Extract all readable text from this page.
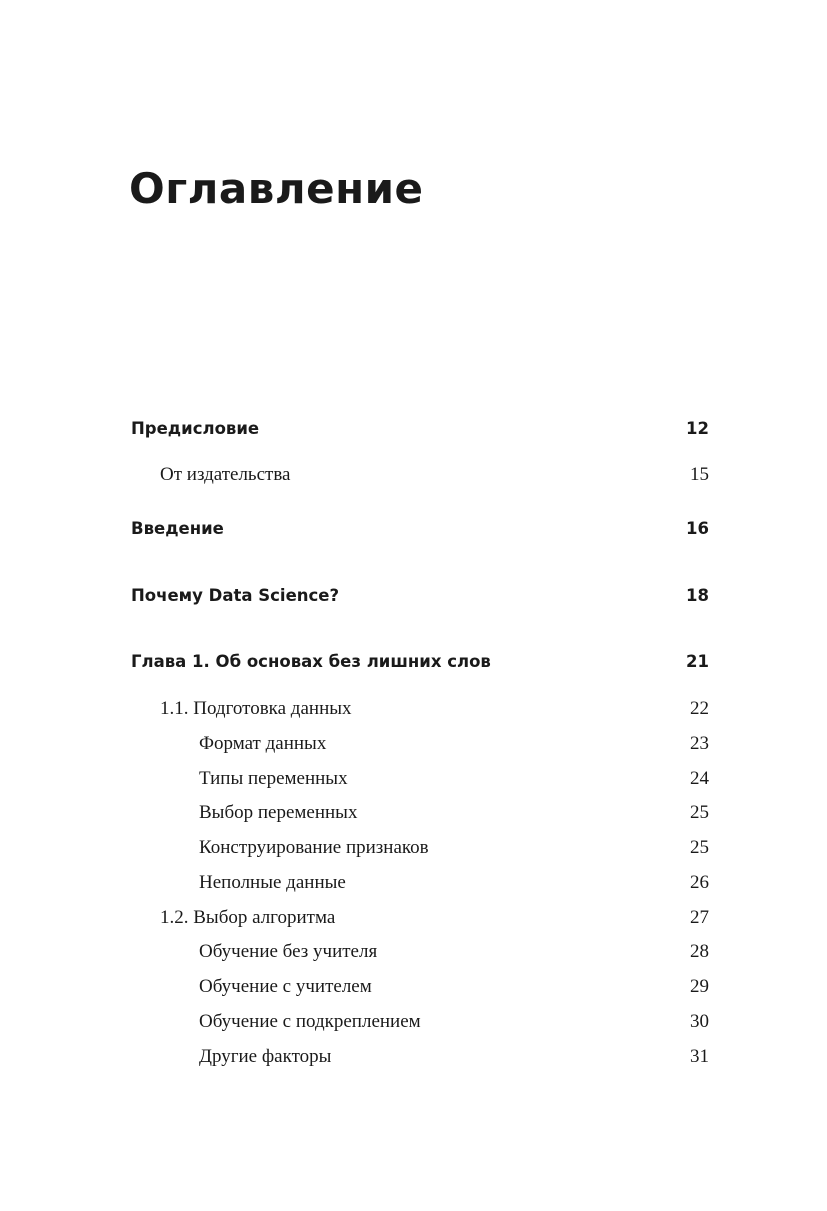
Оглавление
Предисловие	12
От издательства	15
Введение	16
Почему Data Science?	18
Глава 1. Об основах без лишних слов	21
1.1. Подготовка данных	22
Формат данных	23
Типы переменных	24
Выбор переменных	25
Конструирование признаков	25
Неполные данные	26
1.2. Выбор алгоритма	27
Обучение без учителя	28
Обучение с учителем	29
Обучение с подкреплением	30
Другие факторы	31
